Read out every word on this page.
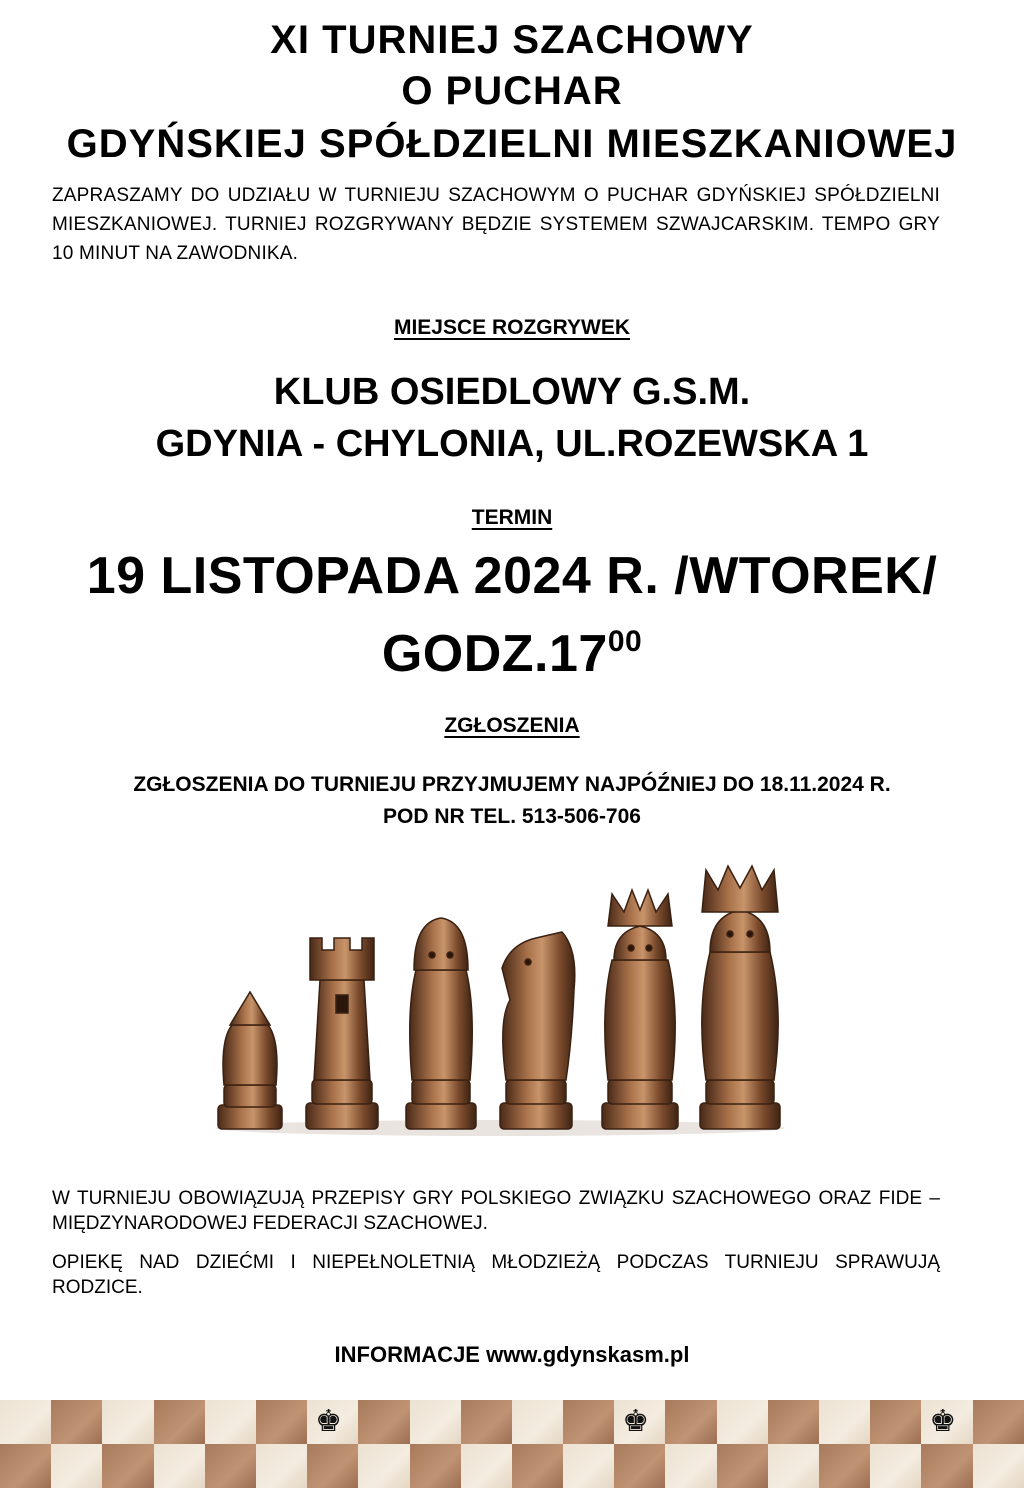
XI TURNIEJ SZACHOWY
O PUCHAR
GDYŃSKIEJ SPÓŁDZIELNI MIESZKANIOWEJ
ZAPRASZAMY DO UDZIAŁU W TURNIEJU SZACHOWYM O PUCHAR GDYŃSKIEJ SPÓŁDZIELNI MIESZKANIOWEJ. TURNIEJ ROZGRYWANY BĘDZIE SYSTEMEM SZWAJCARSKIM. TEMPO GRY 10 MINUT NA ZAWODNIKA.
MIEJSCE ROZGRYWEK
KLUB OSIEDLOWY G.S.M.
GDYNIA - CHYLONIA, UL.ROZEWSKA 1
TERMIN
19 LISTOPADA 2024 R. /WTOREK/
$GODZ.17^{00}$
ZGŁOSZENIA
ZGŁOSZENIA DO TURNIEJU PRZYJMUJEMY NAJPÓŹNIEJ DO 18.11.2024 R.
POD NR TEL. 513-506-706
W TURNIEJU OBOWIĄZUJĄ PRZEPISY GRY POLSKIEGO ZWIĄZKU SZACHOWEGO ORAZ FIDE – MIĘDZYNARODOWEJ FEDERACJI SZACHOWEJ.
OPIEKĘ NAD DZIEĆMI I NIEPEŁNOLETNIĄ MŁODZIEŻĄ PODCZAS TURNIEJU SPRAWUJĄ RODZICE.
INFORMACJE www.gdynskasm.pl
♚	♚	♚
